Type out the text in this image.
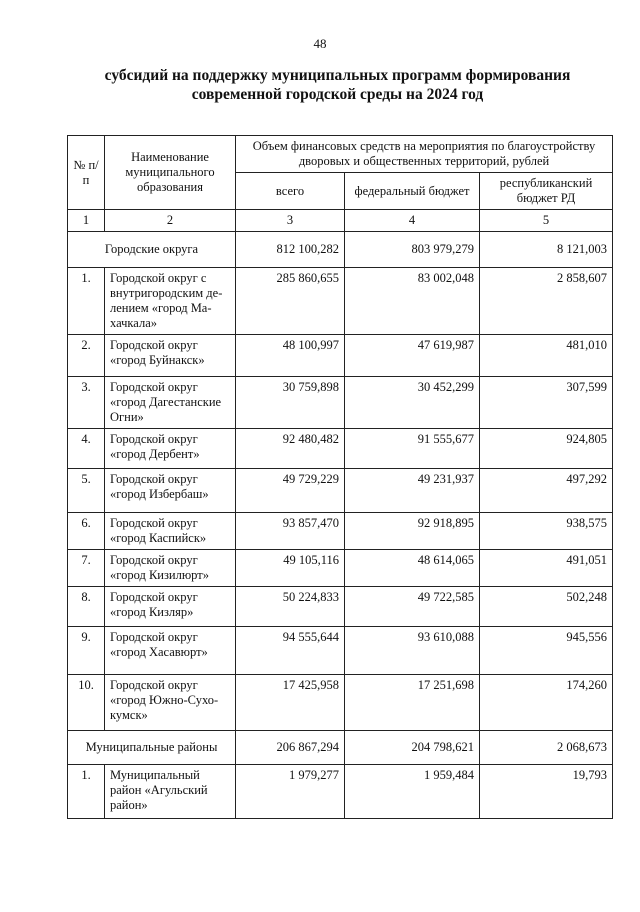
48
субсидий на поддержку муниципальных программ формирования
современной городской среды на 2024 год
№ п/п	Наименование муниципального образования	Объем финансовых средств на мероприятия по благоустройству дворовых и общественных территорий, рублей		
		всего	федеральный бюджет	республиканский бюджет РД
1	2	3	4	5
Городские округа		812 100,282	803 979,279	8 121,003
1.	Городской округ с внутригородским де-лением «город Ма-хачкала»	285 860,655	83 002,048	2 858,607
2.	Городской округ «город Буйнакск»	48 100,997	47 619,987	481,010
3.	Городской округ «город Дагестанские Огни»	30 759,898	30 452,299	307,599
4.	Городской округ «город Дербент»	92 480,482	91 555,677	924,805
5.	Городской округ «город Избербаш»	49 729,229	49 231,937	497,292
6.	Городской округ «город Каспийск»	93 857,470	92 918,895	938,575
7.	Городской округ «город Кизилюрт»	49 105,116	48 614,065	491,051
8.	Городской округ «город Кизляр»	50 224,833	49 722,585	502,248
9.	Городской округ «город Хасавюрт»	94 555,644	93 610,088	945,556
10.	Городской округ «город Южно-Сухо-кумск»	17 425,958	17 251,698	174,260
Муниципальные районы		206 867,294	204 798,621	2 068,673
1.	Муниципальный район «Агульский район»	1 979,277	1 959,484	19,793
